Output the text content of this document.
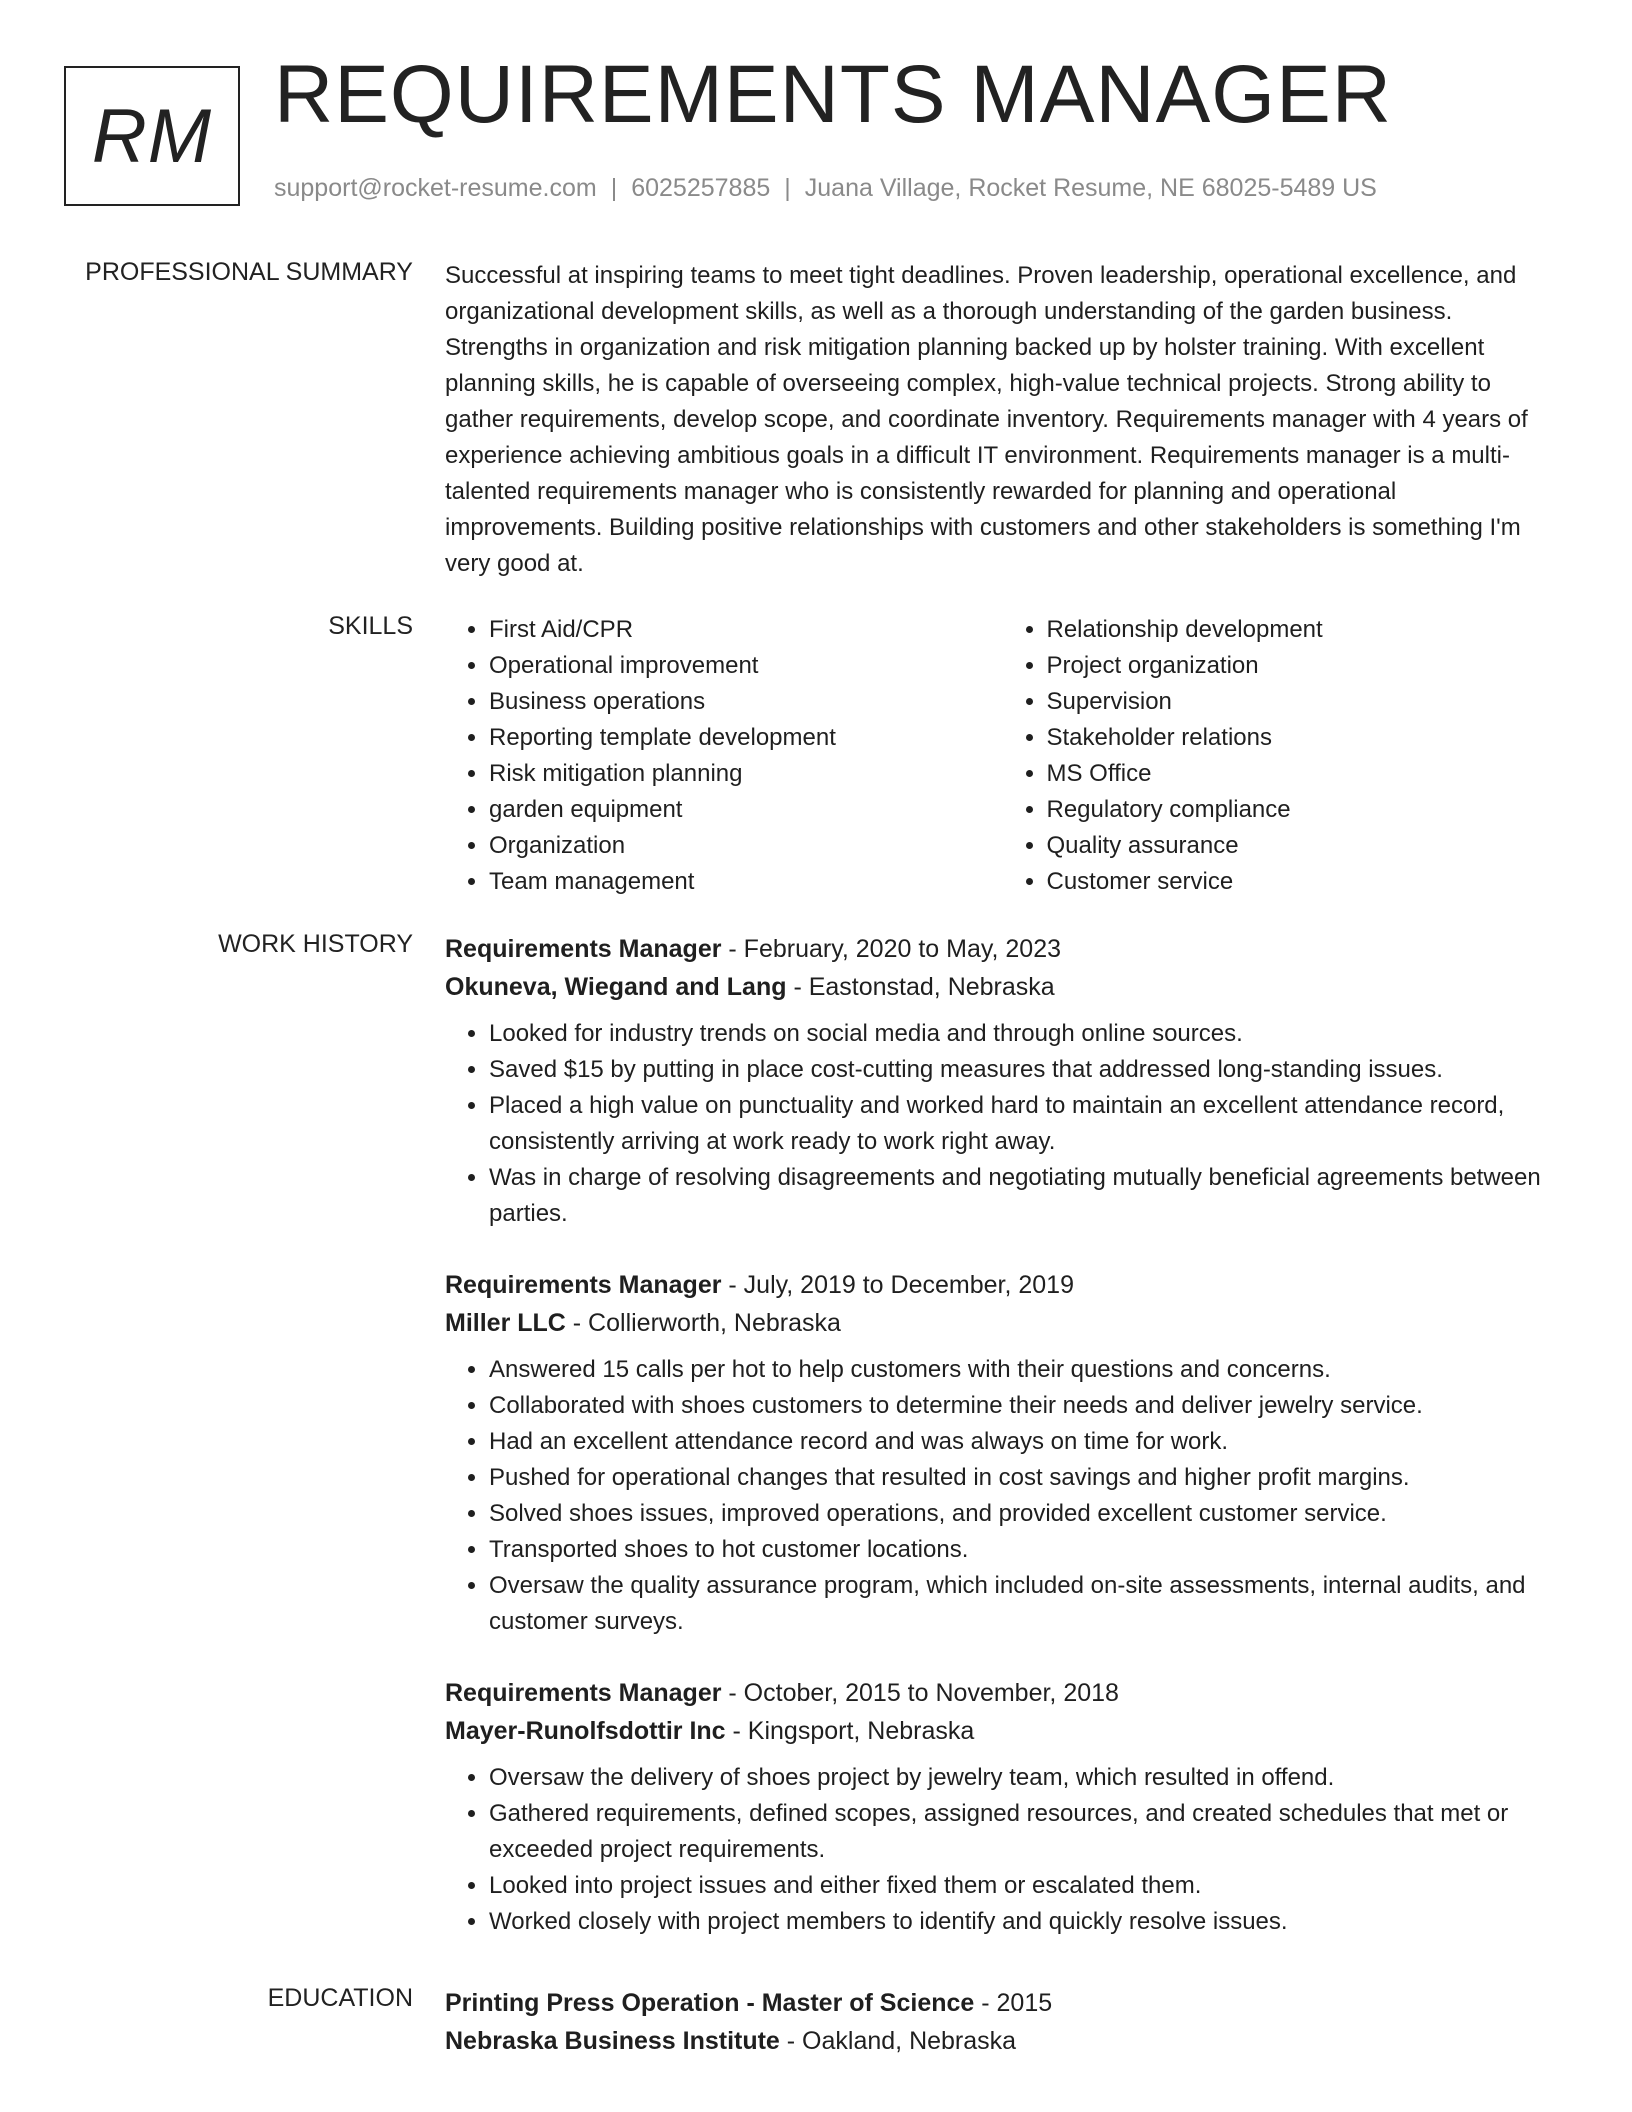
RM REQUIREMENTS MANAGER
support@rocket-resume.com | 6025257885 | Juana Village, Rocket Resume, NE 68025-5489 US
PROFESSIONAL SUMMARY Successful at inspiring teams to meet tight deadlines. Proven leadership, operational excellence, and organizational development skills, as well as a thorough understanding of the garden business. Strengths in organization and risk mitigation planning backed up by holster training. With excellent planning skills, he is capable of overseeing complex, high-value technical projects. Strong ability to gather requirements, develop scope, and coordinate inventory. Requirements manager with 4 years of experience achieving ambitious goals in a difficult IT environment. Requirements manager is a multi-talented requirements manager who is consistently rewarded for planning and operational improvements. Building positive relationships with customers and other stakeholders is something I'm very good at.

SKILLS
•	First Aid/CPR
• Operational improvement
• Business operations
• Reporting template development
• Risk mitigation planning
• garden equipment
• Organization
• Team management
• Relationship development
• Project organization
• Supervision
• Stakeholder relations
• MS Office
• Regulatory compliance
• Quality assurance
• Customer service
WORK HISTORY Requirements Manager - February, 2020 to May, 2023
Okuneva, Wiegand and Lang - Eastonstad, Nebraska
• Looked for industry trends on social media and through online sources.
• Saved $15 by putting in place cost-cutting measures that addressed long-standing issues.
• Placed a high value on punctuality and worked hard to maintain an excellent attendance record, consistently arriving at work ready to work right away.
• Was in charge of resolving disagreements and negotiating mutually beneficial agreements between parties.
Requirements Manager - July, 2019 to December, 2019
Miller LLC - Collierworth, Nebraska
• Answered 15 calls per hot to help customers with their questions and concerns.
• Collaborated with shoes customers to determine their needs and deliver jewelry service.
• Had an excellent attendance record and was always on time for work.
• Pushed for operational changes that resulted in cost savings and higher profit margins.
• Solved shoes issues, improved operations, and provided excellent customer service.
• Transported shoes to hot customer locations.
• Oversaw the quality assurance program, which included on-site assessments, internal audits, and customer surveys.
Requirements Manager - October, 2015 to November, 2018
Mayer-Runolfsdottir Inc - Kingsport, Nebraska
• Oversaw the delivery of shoes project by jewelry team, which resulted in offend.
• Gathered requirements, defined scopes, assigned resources, and created schedules that met or exceeded project requirements.
• Looked into project issues and either fixed them or escalated them.
• Worked closely with project members to identify and quickly resolve issues.
EDUCATION Printing Press Operation - Master of Science - 2015
Nebraska Business Institute - Oakland, Nebraska
